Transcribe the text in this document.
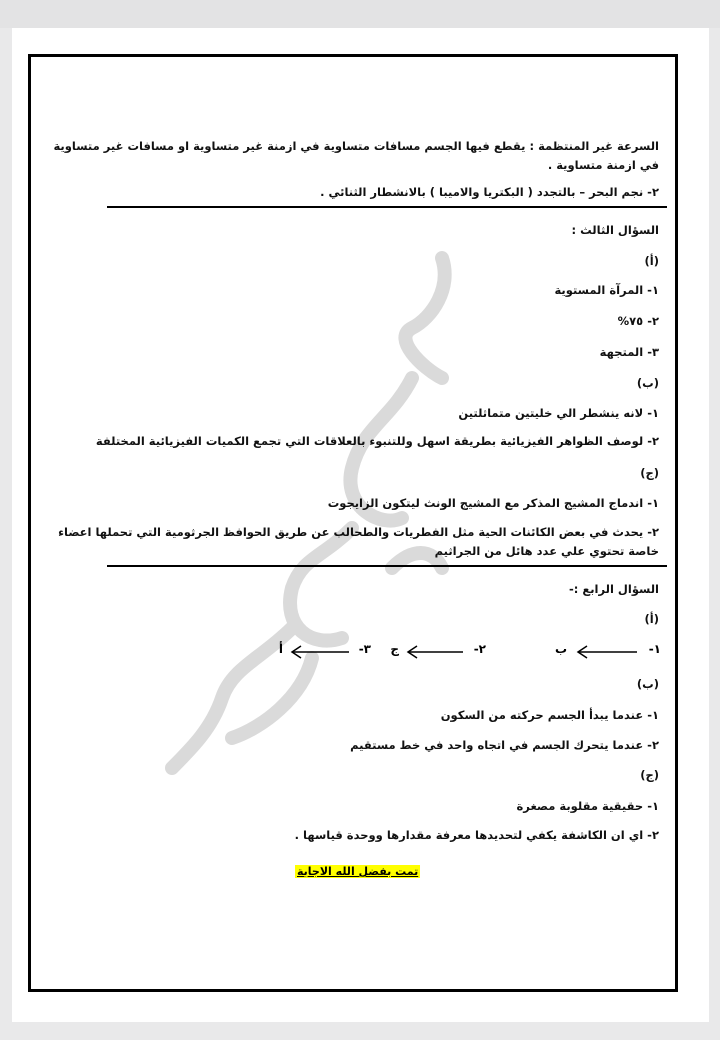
السرعة غير المنتظمة : يقطع فيها الجسم مسافات متساوية في ازمنة غير متساوية او مسافات غير متساوية في ازمنة متساوية .
٢- نجم البحر – بالتجدد ( البكتريا والاميبا ) بالانشطار الثنائي .
السؤال الثالث :
(أ)
١- المرآة المستوية
٢- ٧٥%
٣- المتجهة
(ب)
١- لانه ينشطر الي خليتين متماثلتين
٢- لوصف الظواهر الفيزيائية بطريقة اسهل وللتنبوء بالعلاقات التي تجمع الكميات الفيزيائية المختلفة
(ج)
١- اندماج المشيج المذكر مع المشيج الونث ليتكون الزايجوت
٢- يحدث في بعض الكائنات الحية مثل الفطريات والطحالب عن طريق الحوافظ الجرثومية التي تحملها اعضاء خاصة تحتوي علي عدد هائل من الجراثيم
السؤال الرابع :-
(أ)
١-
ب
٢-
ج
٣-
أ
(ب)
١- عندما يبدأ الجسم حركته من السكون
٢- عندما يتحرك الجسم في اتجاه واحد في خط مستقيم
(ج)
١- حقيقية مقلوبة مصغرة
٢- اي ان الكاشفة يكفي لتحديدها معرفة مقدارها ووحدة قياسها .
تمت بفضل الله الاجابة
